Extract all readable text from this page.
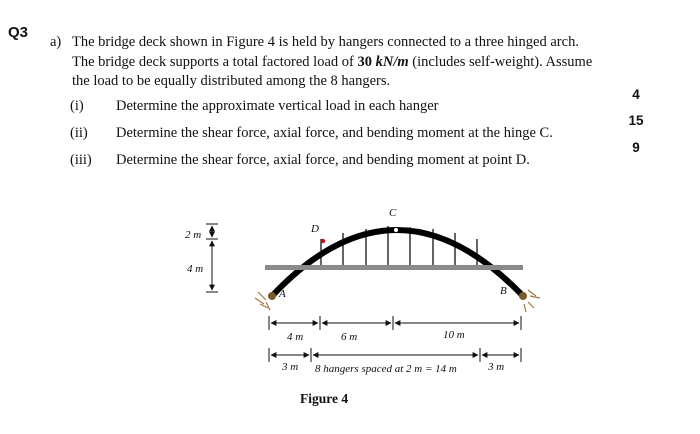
Q3
a) The bridge deck shown in Figure 4 is held by hangers connected to a three hinged arch.
The bridge deck supports a total factored load of 30 kN/m (includes self-weight). Assume
the load to be equally distributed among the 8 hangers.
(i) Determine the approximate vertical load in each hanger
(ii) Determine the shear force, axial force, and bending moment at the hinge C.
(iii) Determine the shear force, axial force, and bending moment at point D.
4
15
9
2 m
4 m
A	B
C
D
4 m	6 m	10 m
3 m 8 hangers spaced at 2 m = 14 m	3 m
Figure 4
